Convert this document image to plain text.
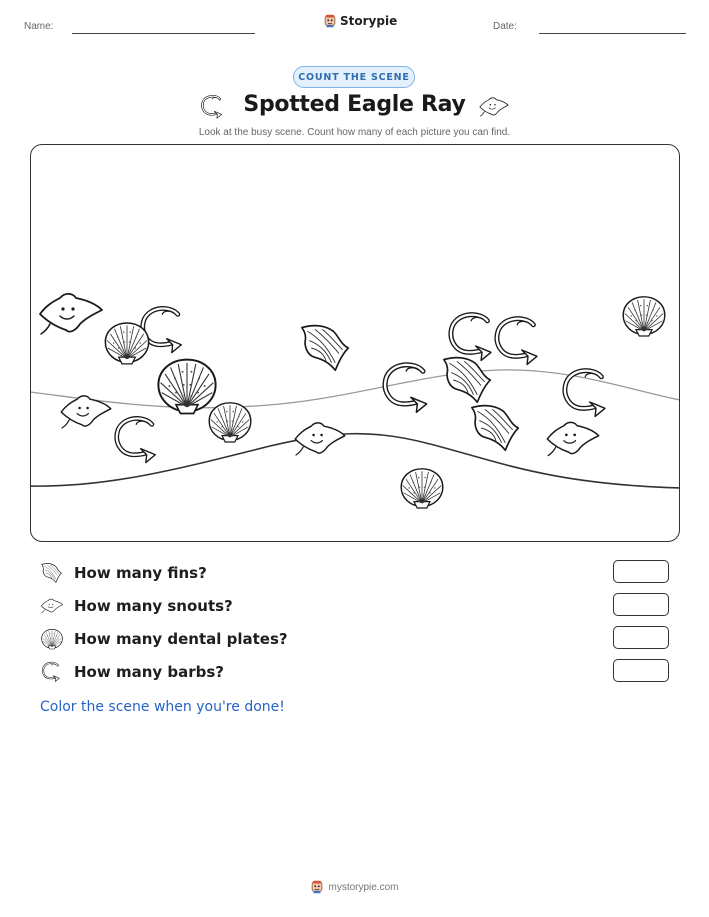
Name:	Storypie	Date:
COUNT THE SCENE
Spotted Eagle Ray
Look at the busy scene. Count how many of each picture you can find.
How many fins?
How many snouts?
How many dental plates?
How many barbs?
Color the scene when you're done!
mystorypie.com
